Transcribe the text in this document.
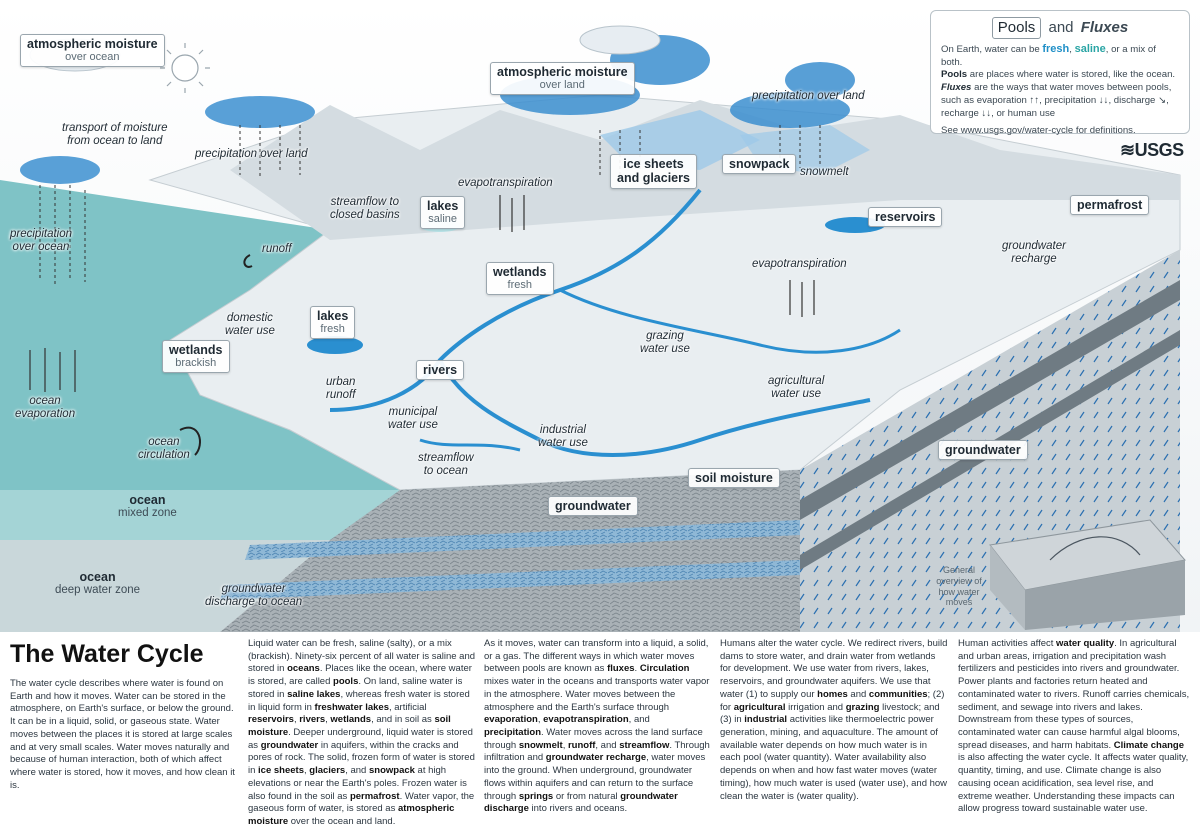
atmospheric moisture
over ocean
atmospheric moisture
over land
transport of moisture
from ocean to land
precipitation over land
precipitation over land
precipitation
over ocean
ice sheets
and glaciers
snowpack
snowmelt
evapotranspiration
evapotranspiration
streamflow to
closed basins
lakes
saline	reservoirs
permafrost
groundwater
recharge
runoff
wetlands
fresh
domestic
water use
lakes
fresh
wetlands
brackish	rivers
grazing
water use
agricultural
water use
ocean
evaporation
urban
runoff
municipal
water use	industrial
water use
ocean
circulation	streamflow
to ocean	soil moisture
groundwater
groundwater
ocean
mixed zone
ocean
deep water zone	groundwater
discharge to ocean
Pools and Fluxes
On Earth, water can be fresh, saline, or a mix of both.
Pools are places where water is stored, like the ocean.
Fluxes are the ways that water moves between pools, such as evaporation ↑↑, precipitation ↓↓, discharge ↘, recharge ↓↓, or human use
See www.usgs.gov/water-cycle for definitions.
≋USGS
General
overview of
how water
moves
The Water Cycle
The water cycle describes where water is found on Earth and how it moves. Water can be stored in the atmosphere, on Earth's surface, or below the ground. It can be in a liquid, solid, or gaseous state. Water moves between the places it is stored at large scales and at very small scales. Water moves naturally and because of human interaction, both of which affect where water is stored, how it moves, and how clean it is.
Liquid water can be fresh, saline (salty), or a mix (brackish). Ninety-six percent of all water is saline and stored in oceans. Places like the ocean, where water is stored, are called pools. On land, saline water is stored in saline lakes, whereas fresh water is stored in liquid form in freshwater lakes, artificial reservoirs, rivers, wetlands, and in soil as soil moisture. Deeper underground, liquid water is stored as groundwater in aquifers, within the cracks and pores of rock. The solid, frozen form of water is stored in ice sheets, glaciers, and snowpack at high elevations or near the Earth's poles. Frozen water is also found in the soil as permafrost. Water vapor, the gaseous form of water, is stored as atmospheric moisture over the ocean and land.
As it moves, water can transform into a liquid, a solid, or a gas. The different ways in which water moves between pools are known as fluxes. Circulation mixes water in the oceans and transports water vapor in the atmosphere. Water moves between the atmosphere and the Earth's surface through evaporation, evapotranspiration, and precipitation. Water moves across the land surface through snowmelt, runoff, and streamflow. Through infiltration and groundwater recharge, water moves into the ground. When underground, groundwater flows within aquifers and can return to the surface through springs or from natural groundwater discharge into rivers and oceans.
Humans alter the water cycle. We redirect rivers, build dams to store water, and drain water from wetlands for development. We use water from rivers, lakes, reservoirs, and groundwater aquifers. We use that water (1) to supply our homes and communities; (2) for agricultural irrigation and grazing livestock; and (3) in industrial activities like thermoelectric power generation, mining, and aquaculture. The amount of available water depends on how much water is in each pool (water quantity). Water availability also depends on when and how fast water moves (water timing), how much water is used (water use), and how clean the water is (water quality).
Human activities affect water quality. In agricultural and urban areas, irrigation and precipitation wash fertilizers and pesticides into rivers and groundwater. Power plants and factories return heated and contaminated water to rivers. Runoff carries chemicals, sediment, and sewage into rivers and lakes. Downstream from these types of sources, contaminated water can cause harmful algal blooms, spread diseases, and harm habitats. Climate change is also affecting the water cycle. It affects water quality, quantity, timing, and use. Climate change is also causing ocean acidification, sea level rise, and extreme weather. Understanding these impacts can allow progress toward sustainable water use.
